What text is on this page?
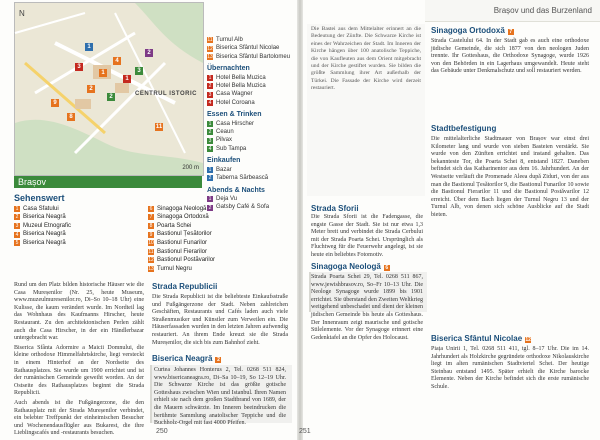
N
CENTRUL ISTORIC
200 m
1
2
4
8
9
11
1
3
2
3
1
2
11 Turnul Alb
12 Biserica Sfântul Nicolae
13 Biserica Sfântul Bartolomeu
Übernachten
1 Hotel Bella Muzica
2 Hotel Bella Muzica
3 Casa Wagner
4 Hotel Coroana
Essen & Trinken
1 Casa Hirscher
2 Ceaun
3 Pilvax
4 Sub Tampa
Einkaufen
1 Bazar
2 Taberna Sărbească
Abends & Nachts
1 Deja Vu
2 Gatsby Café & Sofa
Brașov
Sehenswert
1 Casa Sfatului
2 Biserica Neagră
3 Muzeul Etnografic
4 Biserica Neagră
5 Biserica Neagră
6 Sinagoga Neologă
7 Sinagoga Ortodoxă
8 Poarta Schei
9 Bastionul Țesătorilor
10 Bastionul Funarilor
11 Bastionul Fierarilor
12 Bastionul Postăvarilor
13 Turnul Negru

Rund um den Platz bilden historische Häuser wie die Casa Mureșenilor (Nr. 25, heute Museum, www.muzeulmuresenilor.ro, Di–So 10–18 Uhr) eine Kulisse, die kaum verändert wurde. Im Nordteil lag das Wohnhaus des Kaufmanns Hirscher, heute Restaurant. Zu den architektonischen Perlen zählt auch die Casa Hirscher, in der ein Händlerbazar untergebracht war.

Biserica Sfânta Adormire a Maicii Domnului, die kleine orthodoxe Himmelfahrtskirche, liegt versteckt in einem Hinterhof an der Nordseite des Rathausplatzes. Sie wurde um 1900 errichtet und ist der rumänischen Gemeinde geweiht worden. An der Ostseite des Rathausplatzes beginnt die Strada Republicii.

Auch abends ist die Fußgängerzone, die den Rathausplatz mit der Strada Mureșenilor verbindet, ein belebter Treffpunkt der einheimischen Besucher und Wochenendausflügler aus Bukarest, die ihre Lieblingscafés und -restaurants besuchen.

Strada Republicii
Die Strada Republicii ist die beliebteste Einkaufsstraße und Fußgängerzone der Stadt. Neben zahlreichen Geschäften, Restaurants und Cafés laden auch viele Straßenmusiker und Künstler zum Verweilen ein. Die Häuserfassaden wurden in den letzten Jahren aufwendig restauriert. An ihrem Ende kreuzt sie die Strada Mureșenilor, die sich bis zum Bahnhof zieht.
Biserica Neagră 2
Curtea Johannes Honterus 2, Tel. 0268 511 824, www.bisericaneagra.ro, Di–Sa 10–19, So 12–19 Uhr. Die Schwarze Kirche ist das größte gotische Gotteshaus zwischen Wien und Istanbul. Ihren Namen erhielt sie nach dem großen Stadtbrand von 1689, der die Mauern schwärzte. Im Inneren beeindrucken die berühmte Sammlung anatolischer Teppiche und die Buchholz-Orgel mit fast 4000 Pfeifen.
250
Brașov und das Burzenland
Die Bastei aus dem Mittelalter erinnert an die Bedeutung der Zünfte. Die Schwarze Kirche ist eines der Wahrzeichen der Stadt. Im Inneren der Kirche hängen über 100 anatolische Teppiche, die von Kaufleuten aus dem Orient mitgebracht und der Kirche gestiftet wurden. Sie bilden die größte Sammlung ihrer Art außerhalb der Türkei. Die Fassade der Kirche wird derzeit restauriert.
Strada Sforii
Die Strada Sforii ist die Fadengasse, die engste Gasse der Stadt. Sie ist nur etwa 1,3 Meter breit und verbindet die Strada Cerbului mit der Strada Poarta Schei. Ursprünglich als Fluchtweg für die Feuerwehr angelegt, ist sie heute ein beliebtes Fotomotiv.
Sinagoga Neologă 6
Strada Poarta Schei 29, Tel. 0268 511 867, www.jewishbrasov.ro, So–Fr 10–13 Uhr. Die Neologe Synagoge wurde 1899 bis 1901 errichtet. Sie überstand den Zweiten Weltkrieg weitgehend unbeschadet und dient der kleinen jüdischen Gemeinde bis heute als Gotteshaus. Der Innenraum zeigt maurische und gotische Stilelemente. Vor der Synagoge erinnert eine Gedenktafel an die Opfer des Holocaust.
Sinagoga Ortodoxă 7
Strada Castelului 64. In der Stadt gab es auch eine orthodoxe jüdische Gemeinde, die sich 1877 von den neologen Juden trennte. Ihr Gotteshaus, die Orthodoxe Synagoge, wurde 1926 von den Behörden in ein Lagerhaus umgewandelt. Heute steht das Gebäude unter Denkmalschutz und soll restauriert werden.
Stadtbefestigung
Die mittelalterliche Stadtmauer von Brașov war einst drei Kilometer lang und wurde von sieben Basteien verstärkt. Sie wurde von den Zünften errichtet und instand gehalten. Das bekannteste Tor, die Poarta Schei 8, entstand 1827. Daneben befindet sich das Katharinentor aus dem 16. Jahrhundert. An der Westseite verläuft die Promenade Aleea după Ziduri, von der aus man die Bastionul Țesătorilor 9, die Bastionul Funarilor 10 sowie die Bastionul Fierarilor 11 und die Bastionul Postăvarilor 12 erreicht. Über dem Bach liegen der Turnul Negru 13 und der Turnul Alb, von denen sich schöne Ausblicke auf die Stadt bieten.
Biserica Sfântul Nicolae 12
Piața Unirii 1, Tel. 0268 511 411, tgl. 8–17 Uhr. Die im 14. Jahrhundert als Holzkirche gegründete orthodoxe Nikolauskirche liegt im alten rumänischen Stadtviertel Schei. Der heutige Steinbau entstand 1495. Später erhielt die Kirche barocke Elemente. Neben der Kirche befindet sich die erste rumänische Schule.
251
